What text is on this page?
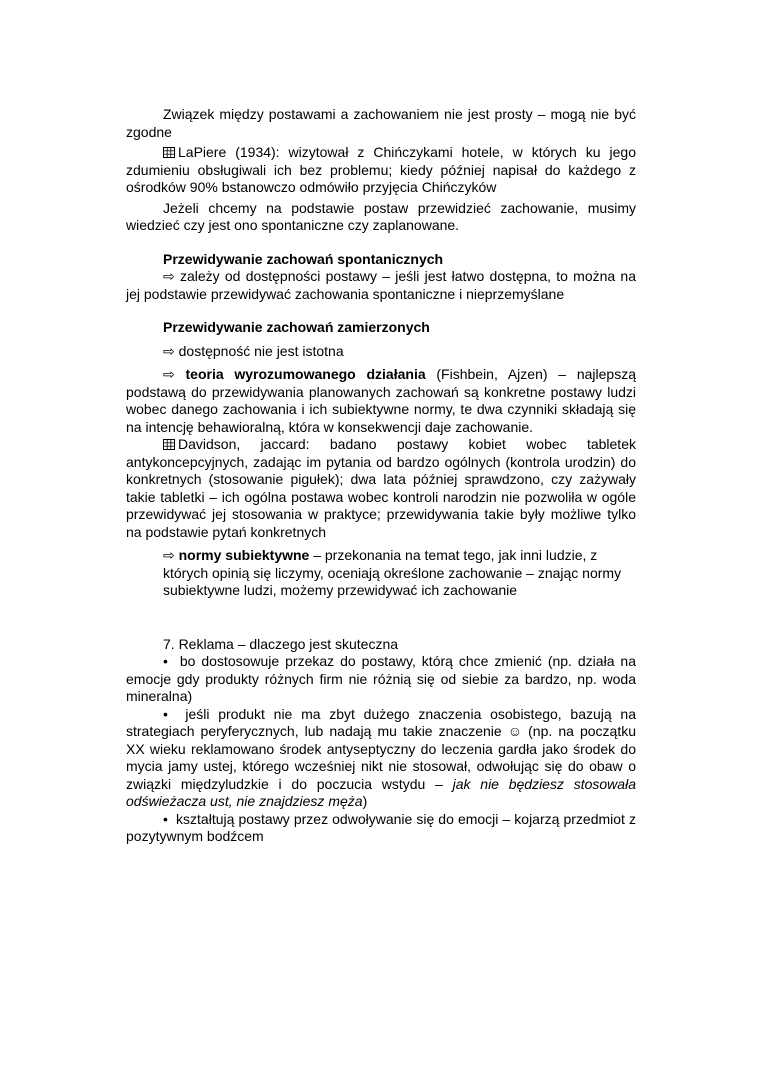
Związek między postawami a zachowaniem nie jest prosty – mogą nie być zgodne

LaPiere (1934): wizytował z Chińczykami hotele, w których ku jego zdumieniu obsługiwali ich bez problemu; kiedy później napisał do każdego z ośrodków 90% bstanowczo odmówiło przyjęcia Chińczyków

Jeżeli chcemy na podstawie postaw przewidzieć zachowanie, musimy wiedzieć czy jest ono spontaniczne czy zaplanowane.

Przewidywanie zachowań spontanicznych

⇨ zależy od dostępności postawy – jeśli jest łatwo dostępna, to można na jej podstawie przewidywać zachowania spontaniczne i nieprzemyślane

Przewidywanie zachowań zamierzonych

⇨ dostępność nie jest istotna

⇨ teoria wyrozumowanego działania (Fishbein, Ajzen) – najlepszą podstawą do przewidywania planowanych zachowań są konkretne postawy ludzi wobec danego zachowania i ich subiektywne normy, te dwa czynniki składają się na intencję behawioralną, która w konsekwencji daje zachowanie.

Davidson, jaccard: badano postawy kobiet wobec tabletek antykoncepcyjnych, zadając im pytania od bardzo ogólnych (kontrola urodzin) do konkretnych (stosowanie pigułek); dwa lata później sprawdzono, czy zażywały takie tabletki – ich ogólna postawa wobec kontroli narodzin nie pozwoliła w ogóle przewidywać jej stosowania w praktyce; przewidywania takie były możliwe tylko na podstawie pytań konkretnych

⇨ normy subiektywne – przekonania na temat tego, jak inni ludzie, z których opinią się liczymy, oceniają określone zachowanie – znając normy subiektywne ludzi, możemy przewidywać ich zachowanie

7. Reklama – dlaczego jest skuteczna

• bo dostosowuje przekaz do postawy, którą chce zmienić (np. działa na emocje gdy produkty różnych firm nie różnią się od siebie za bardzo, np. woda mineralna)

• jeśli produkt nie ma zbyt dużego znaczenia osobistego, bazują na strategiach peryferycznych, lub nadają mu takie znaczenie ☺ (np. na początku XX wieku reklamowano środek antyseptyczny do leczenia gardła jako środek do mycia jamy ustej, którego wcześniej nikt nie stosował, odwołując się do obaw o związki międzyludzkie i do poczucia wstydu – jak nie będziesz stosowała odświeżacza ust, nie znajdziesz męża)

• kształtują postawy przez odwoływanie się do emocji – kojarzą przedmiot z pozytywnym bodźcem
